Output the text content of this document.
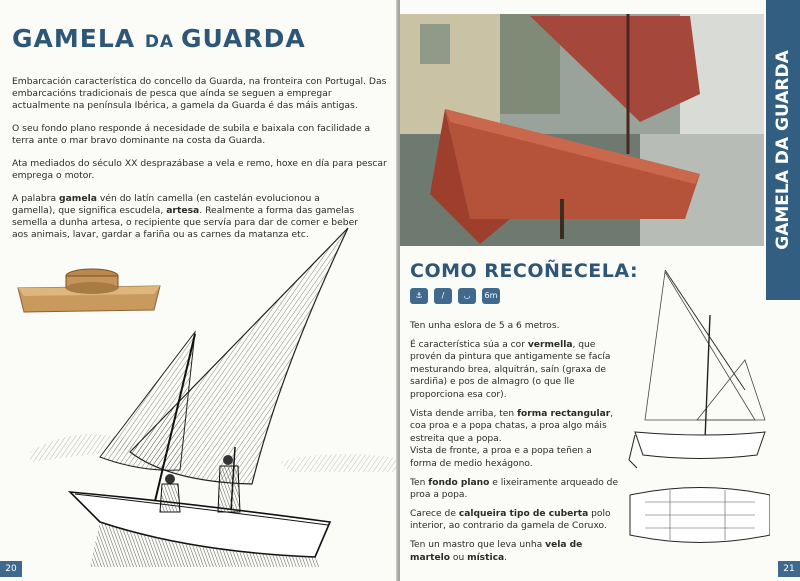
GAMELA DA GUARDA

Embarcación característica do concello da Guarda, na fronteira con Portugal. Das embarcacións tradicionais de pesca que aínda se seguen a empregar actualmente na península Ibérica, a gamela da Guarda é das máis antigas.

O seu fondo plano responde á necesidade de subila e baixala con facilidade a terra ante o mar bravo dominante na costa da Guarda.

Ata mediados do século XX desprazábase a vela e remo, hoxe en día para pescar emprega o motor.

A palabra gamela vén do latín camella (en castelán evolucionou a gamella), que significa escudela, artesa. Realmente a forma das gamelas semella a dunha artesa, o recipiente que servía para dar de comer e beber aos animais, lavar, gardar a fariña ou as carnes da matanza etc.

20
GAMELA DA GUARDA
COMO RECOÑECELA:
⚓	/	◡	6m

Ten unha eslora de 5 a 6 metros.

É característica súa a cor vermella, que provén da pintura que antigamente se facía mesturando brea, alquitrán, saín (graxa de sardiña) e pos de almagro (o que lle proporciona esa cor).

Vista dende arriba, ten forma rectangular, coa proa e a popa chatas, a proa algo máis estreita que a popa.

Vista de fronte, a proa e a popa teñen a forma de medio hexágono.

Ten fondo plano e lixeiramente arqueado de proa a popa.

Carece de calqueira tipo de cuberta polo interior, ao contrario da gamela de Coruxo.

Ten un mastro que leva unha vela de martelo ou mística.

21
